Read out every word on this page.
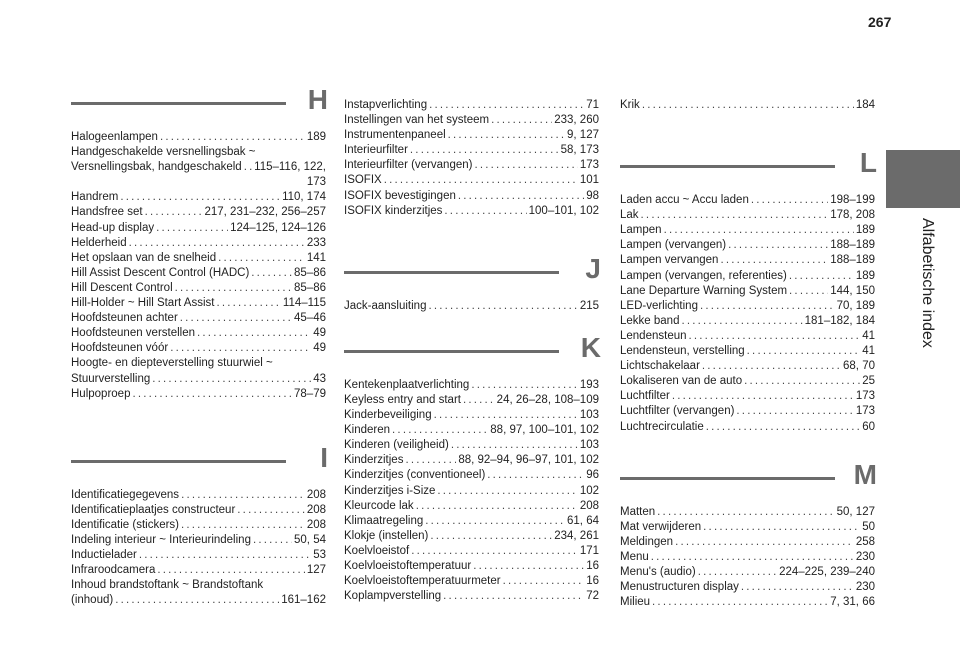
267
Alfabetische index
H
Halogeenlampen . . .	189
Handgeschakelde versnellingsbak ~
Versnellingsbak, handgeschakeld . . . 115–116, 122,
173
Handrem . . .	110, 174
Handsfree set . . .	217, 231–232, 256–257
Head-up display . . .	124–125, 124–126
Helderheid . . .	233
Het opslaan van de snelheid . . .	141
Hill Assist Descent Control (HADC) . . .	85–86
Hill Descent Control . . .	85–86
Hill-Holder ~ Hill Start Assist . . .	114–115
Hoofdsteunen achter . . .	45–46
Hoofdsteunen verstellen . . .	49
Hoofdsteunen vóór . . .	49
Hoogte- en diepteverstelling stuurwiel ~
Stuurverstelling . . .	43
Hulpoproep . . .	78–79
I
Identificatiegegevens . . .	208
Identificatieplaatjes constructeur . . .	208
Identificatie (stickers) . . .	208
Indeling interieur ~ Interieurindeling . . .	50, 54
Inductielader . . .	53
Infraroodcamera . . .	127
Inhoud brandstoftank ~ Brandstoftank
(inhoud) . . .	161–162
Instapverlichting . . .	71
Instellingen van het systeem . . .	233, 260
Instrumentenpaneel . . .	9, 127
Interieurfilter . . .	58, 173
Interieurfilter (vervangen) . . .	173
ISOFIX . . .	101
ISOFIX bevestigingen . . .	98
ISOFIX kinderzitjes . . .	100–101, 102
J
Jack-aansluiting . . .	215
K
Kentekenplaatverlichting . . .	193
Keyless entry and start . . .	24, 26–28, 108–109
Kinderbeveiliging . . .	103
Kinderen . . .	88, 97, 100–101, 102
Kinderen (veiligheid) . . .	103
Kinderzitjes . . .	88, 92–94, 96–97, 101, 102
Kinderzitjes (conventioneel) . . .	96
Kinderzitjes i-Size . . .	102
Kleurcode lak . . .	208
Klimaatregeling . . .	61, 64
Klokje (instellen) . . .	234, 261
Koelvloeistof . . .	171
Koelvloeistoftemperatuur . . .	16
Koelvloeistoftemperatuurmeter . . .	16
Koplampverstelling . . .	72
Krik . . .	184
L
Laden accu ~ Accu laden . . .	198–199
Lak . . .	178, 208
Lampen . . .	189
Lampen (vervangen) . . .	188–189
Lampen vervangen . . .	188–189
Lampen (vervangen, referenties) . . .	189
Lane Departure Warning System . . .	144, 150
LED-verlichting . . .	70, 189
Lekke band . . .	181–182, 184
Lendensteun . . .	41
Lendensteun, verstelling . . .	41
Lichtschakelaar . . .	68, 70
Lokaliseren van de auto . . .	25
Luchtfilter . . .	173
Luchtfilter (vervangen) . . .	173
Luchtrecirculatie . . .	60
M
Matten . . .	50, 127
Mat verwijderen . . .	50
Meldingen . . .	258
Menu . . .	230
Menu's (audio) . . .	224–225, 239–240
Menustructuren display . . .	230
Milieu . . .	7, 31, 66
